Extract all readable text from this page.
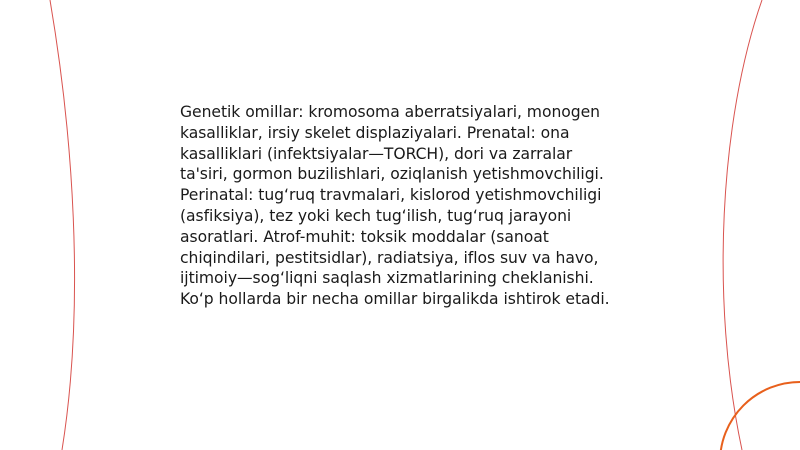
Genetik omillar: kromosoma aberratsiyalari, monogen kasalliklar, irsiy skelet displaziyalari. Prenatal: ona kasalliklari (infektsiyalar—TORCH), dori va zarralar ta'siri, gormon buzilishlari, oziqlanish yetishmovchiligi. Perinatal: tug‘ruq travmalari, kislorod yetishmovchiligi (asfiksiya), tez yoki kech tug‘ilish, tug‘ruq jarayoni asoratlari. Atrof-muhit: toksik moddalar (sanoat chiqindilari, pestitsidlar), radiatsiya, iflos suv va havo, ijtimoiy—sog‘liqni saqlash xizmatlarining cheklanishi. Ko‘p hollarda bir necha omillar birgalikda ishtirok etadi.
